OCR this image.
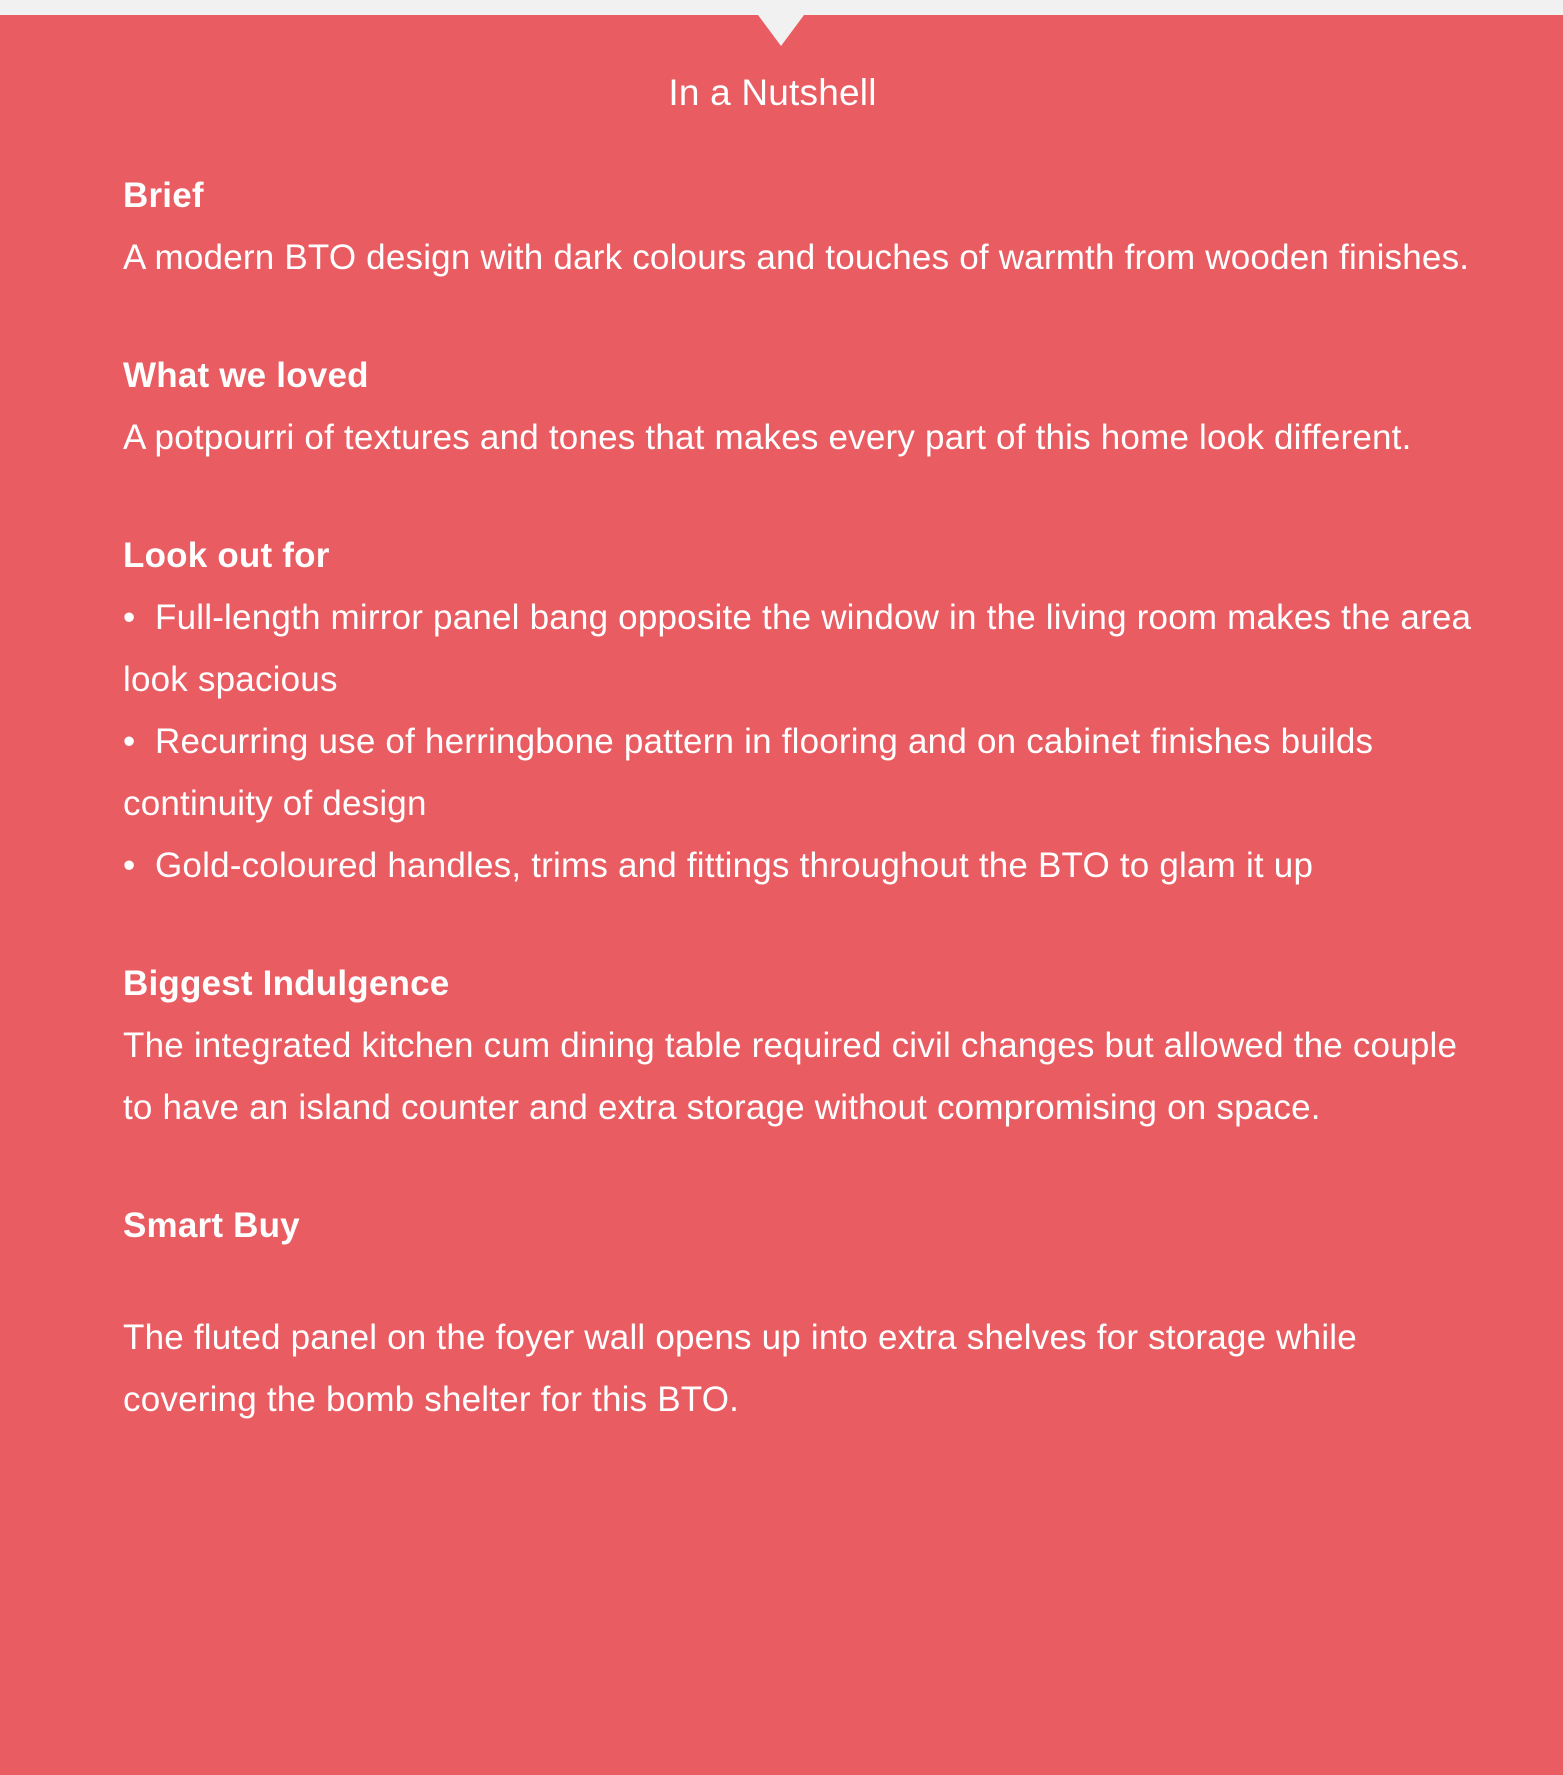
In a Nutshell
Brief

A modern BTO design with dark colours and touches of warmth from wooden finishes.

What we loved

A potpourri of textures and tones that makes every part of this home look different.

Look out for
• Full-length mirror panel bang opposite the window in the living room makes the area look spacious
• Recurring use of herringbone pattern in flooring and on cabinet finishes builds continuity of design
• Gold-coloured handles, trims and fittings throughout the BTO to glam it up
Biggest Indulgence

The integrated kitchen cum dining table required civil changes but allowed the couple to have an island counter and extra storage without compromising on space.

Smart Buy

The fluted panel on the foyer wall opens up into extra shelves for storage while covering the bomb shelter for this BTO.
